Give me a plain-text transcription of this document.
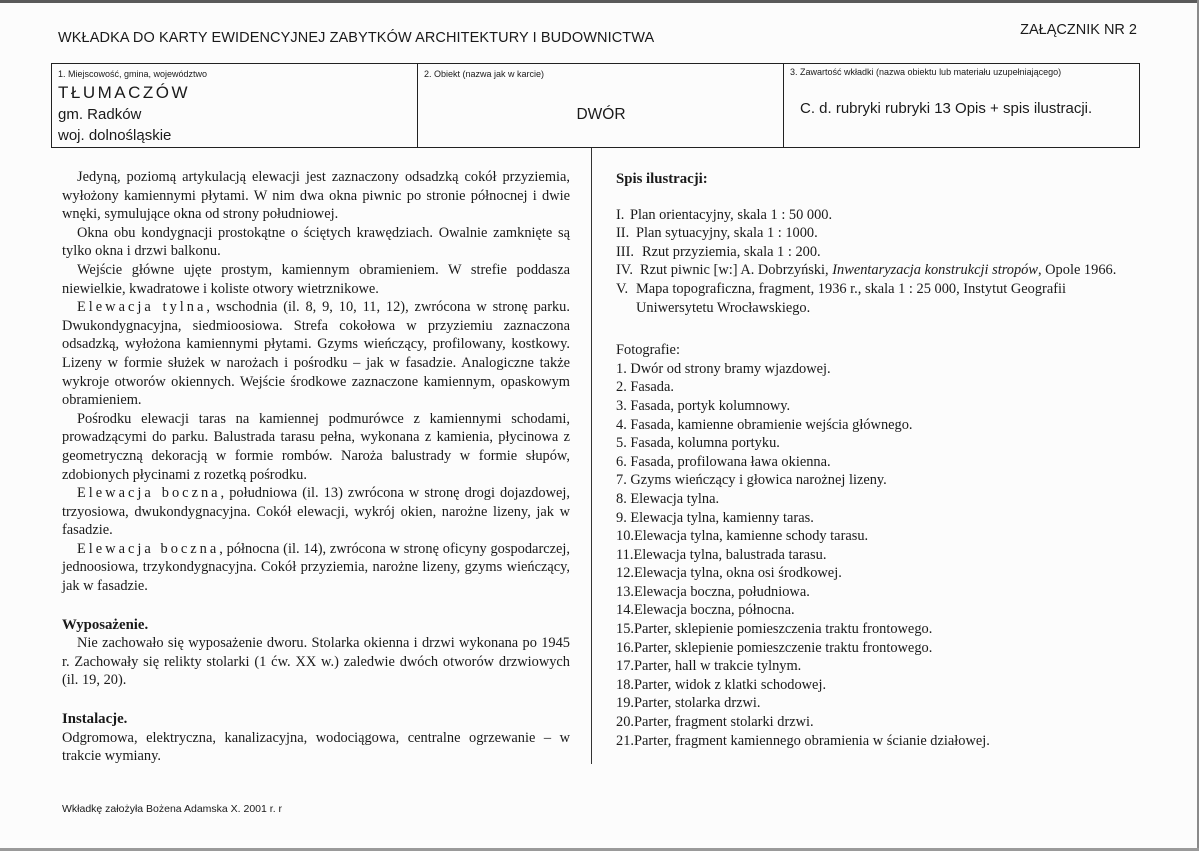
WKŁADKA DO KARTY EWIDENCYJNEJ ZABYTKÓW ARCHITEKTURY I BUDOWNICTWA	ZAŁĄCZNIK NR 2
1. Miejscowość, gmina, województwo
TŁUMACZÓW
gm. Radków
woj. dolnośląskie
2. Obiekt (nazwa jak w karcie)
DWÓR
3. Zawartość wkładki (nazwa obiektu lub materiału uzupełniającego)
C. d. rubryki rubryki 13 Opis + spis ilustracji.

Jedyną, poziomą artykulacją elewacji jest zaznaczony odsadzką cokół przyziemia, wyłożony kamiennymi płytami. W nim dwa okna piwnic po stronie północnej i dwie wnęki, symulujące okna od strony południowej.

Okna obu kondygnacji prostokątne o ściętych krawędziach. Owalnie zamknięte są tylko okna i drzwi balkonu.

Wejście główne ujęte prostym, kamiennym obramieniem. W strefie poddasza niewielkie, kwadratowe i koliste otwory wietrznikowe.

Elewacja tylna, wschodnia (il. 8, 9, 10, 11, 12), zwrócona w stronę parku. Dwukondygnacyjna, siedmioosiowa. Strefa cokołowa w przyziemiu zaznaczona odsadzką, wyłożona kamiennymi płytami. Gzyms wieńczący, profilowany, kostkowy. Lizeny w formie służek w narożach i pośrodku – jak w fasadzie. Analogiczne także wykroje otworów okiennych. Wejście środkowe zaznaczone kamiennym, opaskowym obramieniem.

Pośrodku elewacji taras na kamiennej podmurówce z kamiennymi schodami, prowadzącymi do parku. Balustrada tarasu pełna, wykonana z kamienia, płycinowa z geometryczną dekoracją w formie rombów. Naroża balustrady w formie słupów, zdobionych płycinami z rozetką pośrodku.

Elewacja boczna, południowa (il. 13) zwrócona w stronę drogi dojazdowej, trzyosiowa, dwukondygnacyjna. Cokół elewacji, wykrój okien, narożne lizeny, jak w fasadzie.

Elewacja boczna, północna (il. 14), zwrócona w stronę oficyny gospodarczej, jednoosiowa, trzykondygnacyjna. Cokół przyziemia, narożne lizeny, gzyms wieńczący, jak w fasadzie.

Wyposażenie.

Nie zachowało się wyposażenie dworu. Stolarka okienna i drzwi wykonana po 1945 r. Zachowały się relikty stolarki (1 ćw. XX w.) zaledwie dwóch otworów drzwiowych (il. 19, 20).

Instalacje.

Odgromowa, elektryczna, kanalizacyjna, wodociągowa, centralne ogrzewanie – w trakcie wymiany.

Spis ilustracji:
I. Plan orientacyjny, skala 1 : 50 000.
II. Plan sytuacyjny, skala 1 : 1000.
III. Rzut przyziemia, skala 1 : 200.
IV. Rzut piwnic [w:] A. Dobrzyński, Inwentaryzacja konstrukcji stropów, Opole 1966.
V. Mapa topograficzna, fragment, 1936 r., skala 1 : 25 000, Instytut Geografii Uniwersytetu Wrocławskiego.
Fotografie:
1. Dwór od strony bramy wjazdowej.
2. Fasada.
3. Fasada, portyk kolumnowy.
4. Fasada, kamienne obramienie wejścia głównego.
5. Fasada, kolumna portyku.
6. Fasada, profilowana ława okienna.
7. Gzyms wieńczący i głowica narożnej lizeny.
8. Elewacja tylna.
9. Elewacja tylna, kamienny taras.
10.Elewacja tylna, kamienne schody tarasu.
11.Elewacja tylna, balustrada tarasu.
12.Elewacja tylna, okna osi środkowej.
13.Elewacja boczna, południowa.
14.Elewacja boczna, północna.
15.Parter, sklepienie pomieszczenia traktu frontowego.
16.Parter, sklepienie pomieszczenie traktu frontowego.
17.Parter, hall w trakcie tylnym.
18.Parter, widok z klatki schodowej.
19.Parter, stolarka drzwi.
20.Parter, fragment stolarki drzwi.
21.Parter, fragment kamiennego obramienia w ścianie działowej.
Wkładkę założyła Bożena Adamska X. 2001 r. r
